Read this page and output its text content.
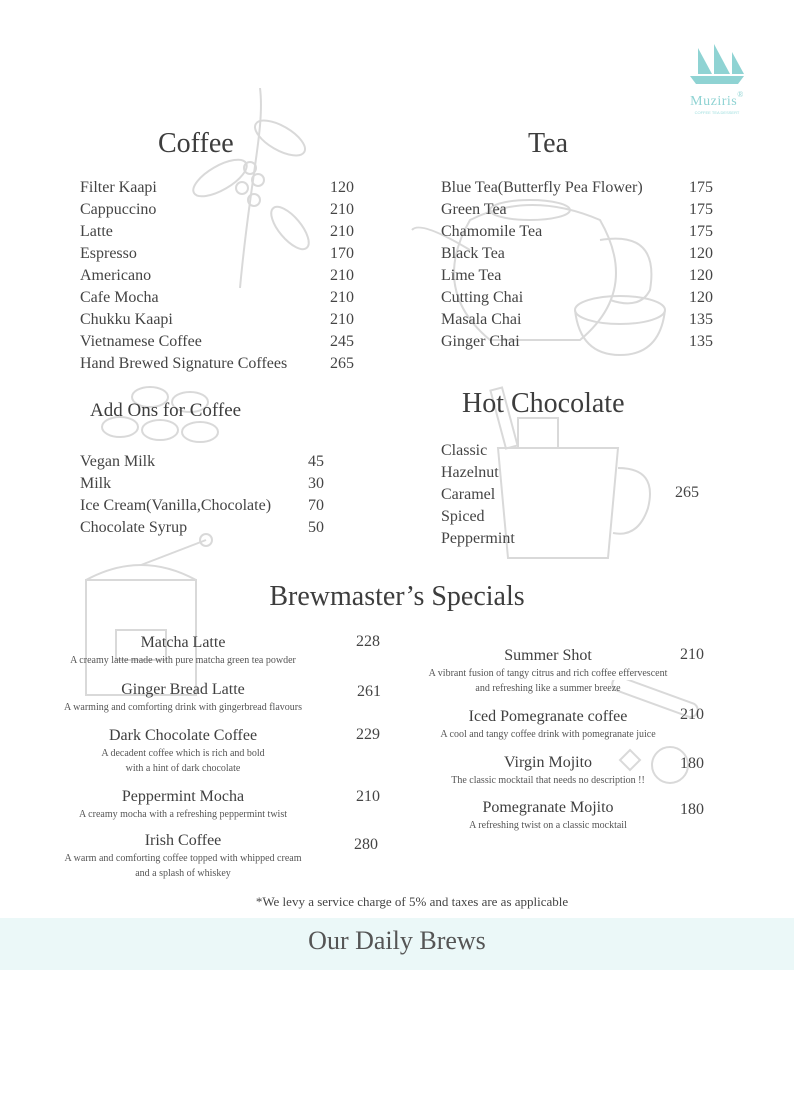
Muziris®
COFFEE TEA DESSERT
Coffee
Filter Kaapi	120
Cappuccino	210
Latte	210
Espresso	170
Americano	210
Cafe Mocha	210
Chukku Kaapi	210
Vietnamese Coffee	245
Hand Brewed Signature Coffees	265
Tea
Blue Tea(Butterfly Pea Flower)	175
Green Tea	175
Chamomile Tea	175
Black Tea	120
Lime Tea	120
Cutting Chai	120
Masala Chai	135
Ginger Chai	135
Add Ons for Coffee
Vegan Milk	45
Milk	30
Ice Cream(Vanilla,Chocolate) 70
Chocolate Syrup	50
Hot Chocolate
Classic
Hazelnut
Caramel
Spiced
Peppermint
265
Brewmaster’s Specials
Matcha Latte
A creamy latte made with pure matcha green tea powder
228
Ginger Bread Latte
A warming and comforting drink with gingerbread flavours
261
Dark Chocolate Coffee
A decadent coffee which is rich and bold
with a hint of dark chocolate
229
Peppermint Mocha
A creamy mocha with a refreshing peppermint twist
210
Irish Coffee
A warm and comforting coffee topped with whipped cream
and a splash of whiskey
280
Summer Shot
A vibrant fusion of tangy citrus and rich coffee effervescent
and refreshing like a summer breeze
210
Iced Pomegranate coffee
A cool and tangy coffee drink with pomegranate juice
210
Virgin Mojito
The classic mocktail that needs no description !!
180
Pomegranate Mojito
A refreshing twist on a classic mocktail
180
*We levy a service charge of 5% and taxes are as applicable
Our Daily Brews
